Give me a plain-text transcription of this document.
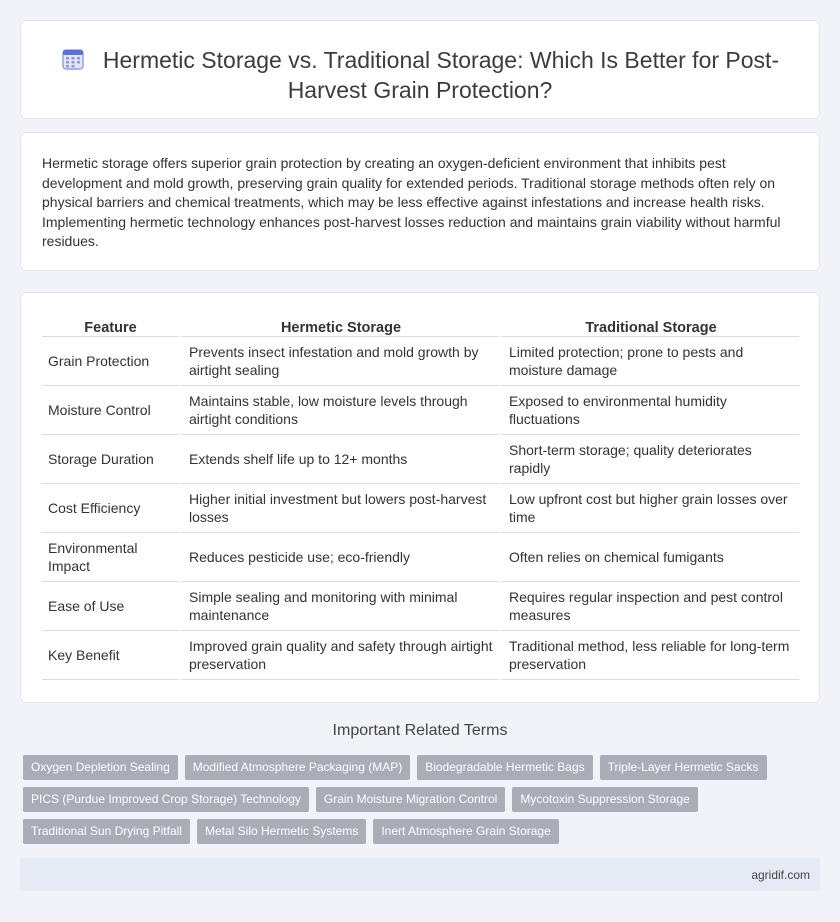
Hermetic Storage vs. Traditional Storage: Which Is Better for Post-Harvest Grain Protection?

Hermetic storage offers superior grain protection by creating an oxygen-deficient environment that inhibits pest development and mold growth, preserving grain quality for extended periods. Traditional storage methods often rely on physical barriers and chemical treatments, which may be less effective against infestations and increase health risks. Implementing hermetic technology enhances post-harvest losses reduction and maintains grain viability without harmful residues.

Feature	Hermetic Storage	Traditional Storage
Grain Protection	Prevents insect infestation and mold growth by airtight sealing	Limited protection; prone to pests and moisture damage
Moisture Control	Maintains stable, low moisture levels through airtight conditions	Exposed to environmental humidity fluctuations
Storage Duration	Extends shelf life up to 12+ months	Short-term storage; quality deteriorates rapidly
Cost Efficiency	Higher initial investment but lowers post-harvest losses	Low upfront cost but higher grain losses over time
Environmental Impact	Reduces pesticide use; eco-friendly	Often relies on chemical fumigants
Ease of Use	Simple sealing and monitoring with minimal maintenance	Requires regular inspection and pest control measures
Key Benefit	Improved grain quality and safety through airtight preservation	Traditional method, less reliable for long-term preservation
Important Related Terms
Oxygen Depletion Sealing	Modified Atmosphere Packaging (MAP)	Biodegradable Hermetic Bags	Triple-Layer Hermetic Sacks
PICS (Purdue Improved Crop Storage) Technology	Grain Moisture Migration Control	Mycotoxin Suppression Storage
Traditional Sun Drying Pitfall	Metal Silo Hermetic Systems	Inert Atmosphere Grain Storage
agridif.com
